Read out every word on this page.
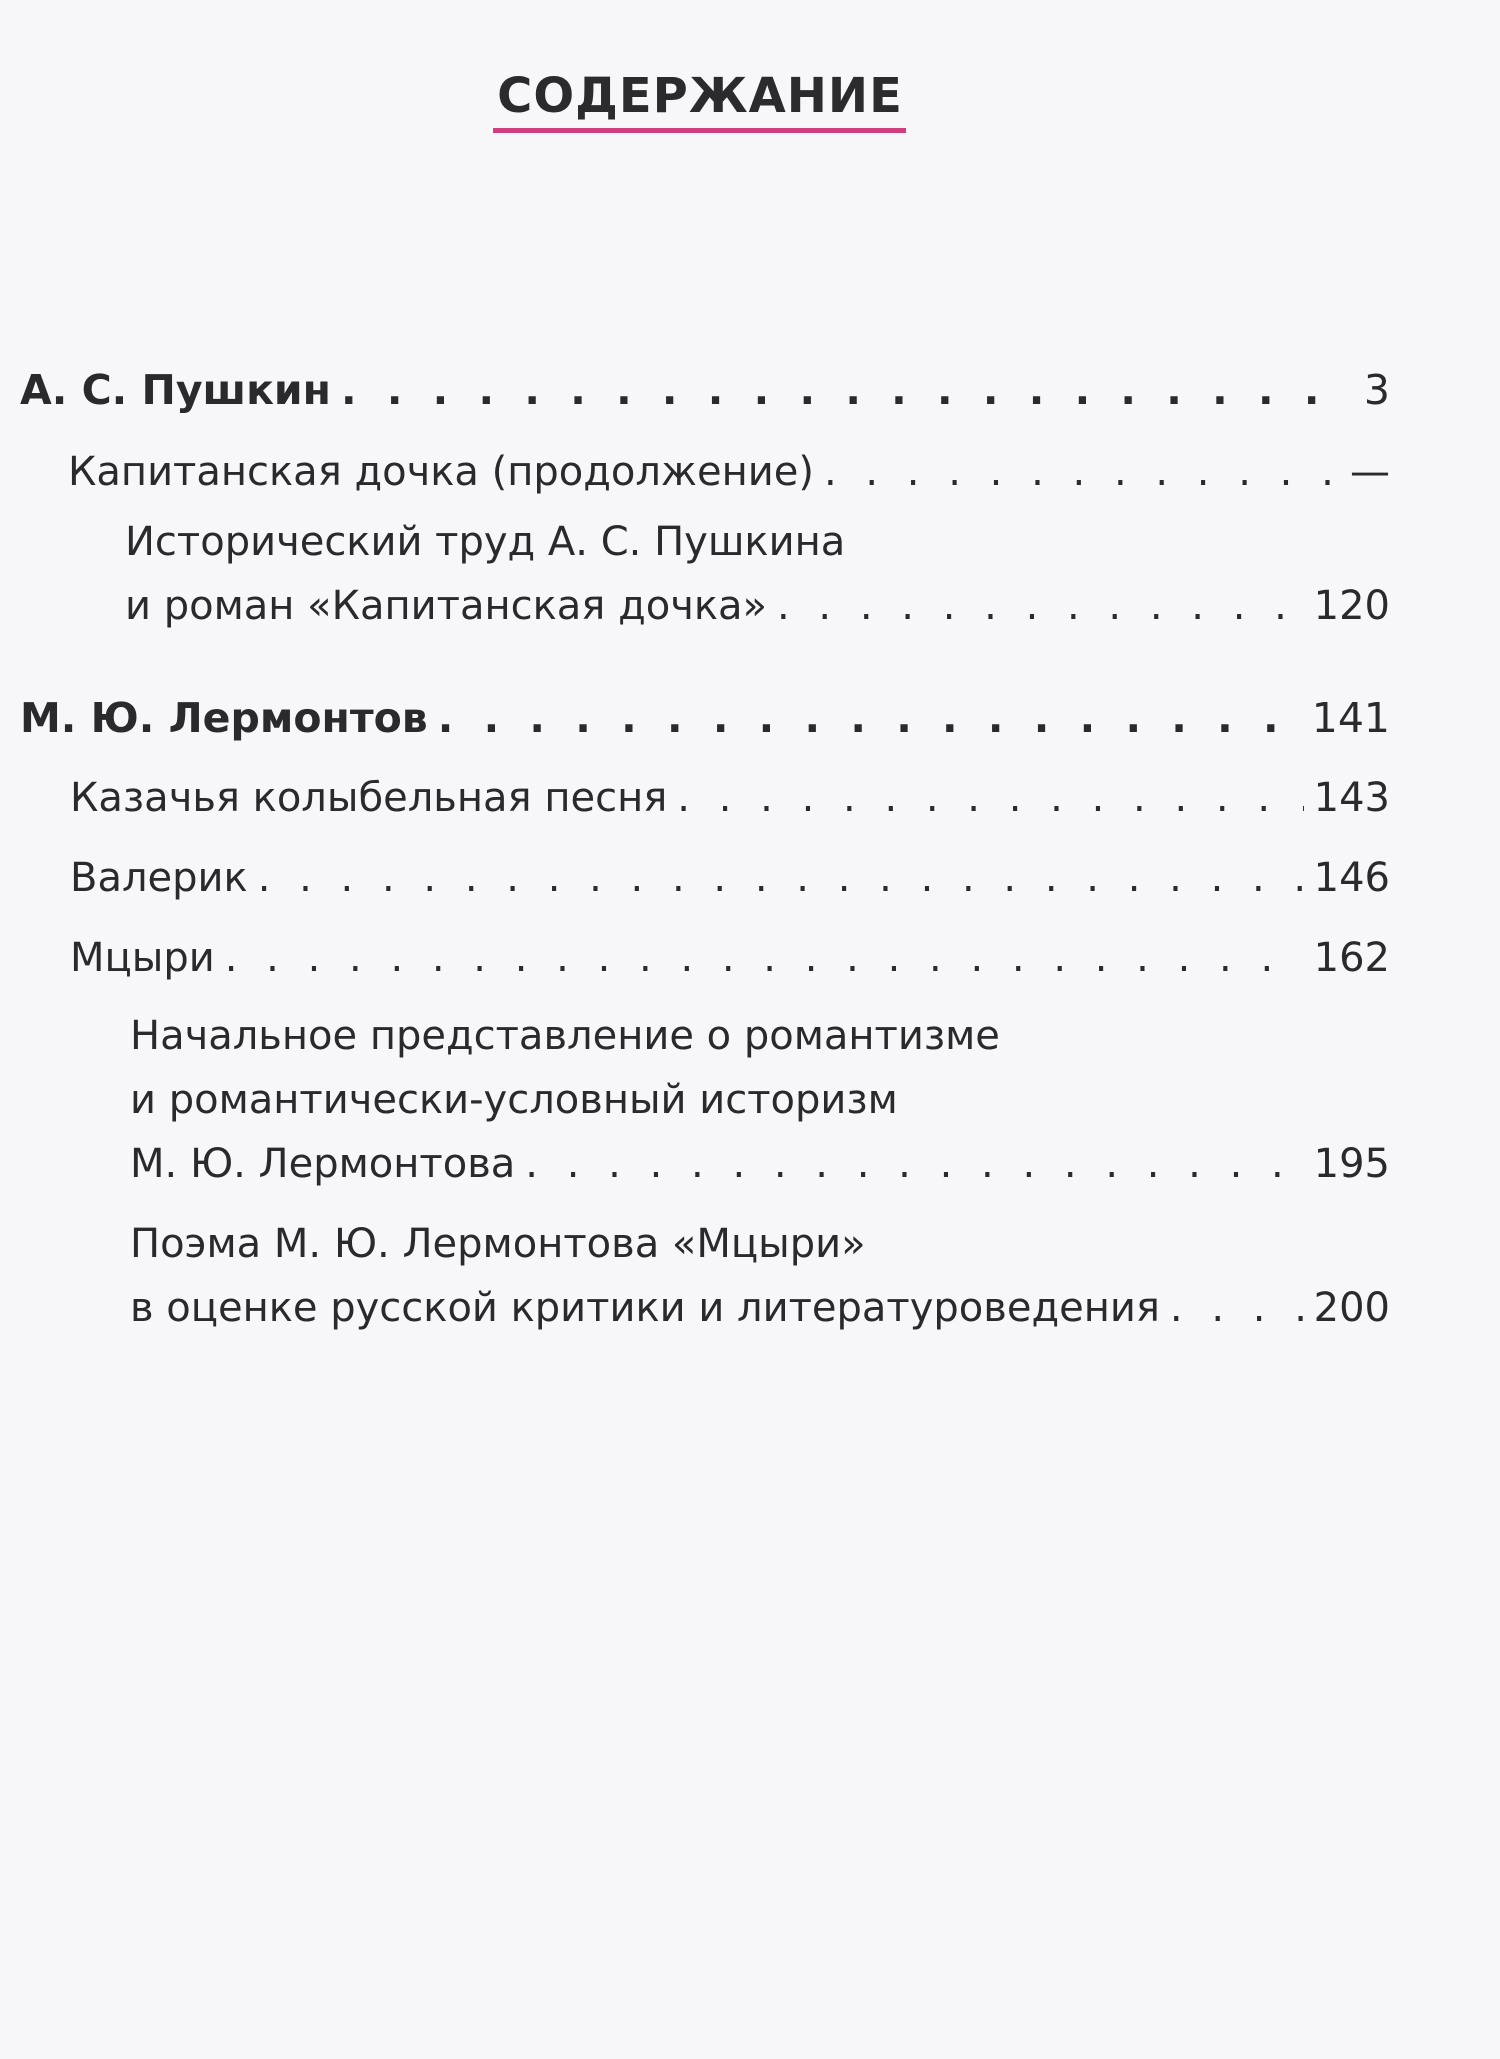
СОДЕРЖАНИЕ
А. С. Пушкин . . .	3
Капитанская дочка (продолжение) . . .	—
Исторический труд А. С. Пушкина
и роман «Капитанская дочка» . . .	120
М. Ю. Лермонтов . . .	141
Казачья колыбельная песня . . .	143
Валерик . . .	146
Мцыри . . .	162
Начальное представление о романтизме
и романтически-условный историзм
М. Ю. Лермонтова . . .	195
Поэма М. Ю. Лермонтова «Мцыри»
в оценке русской критики и литературоведения . . .	200
